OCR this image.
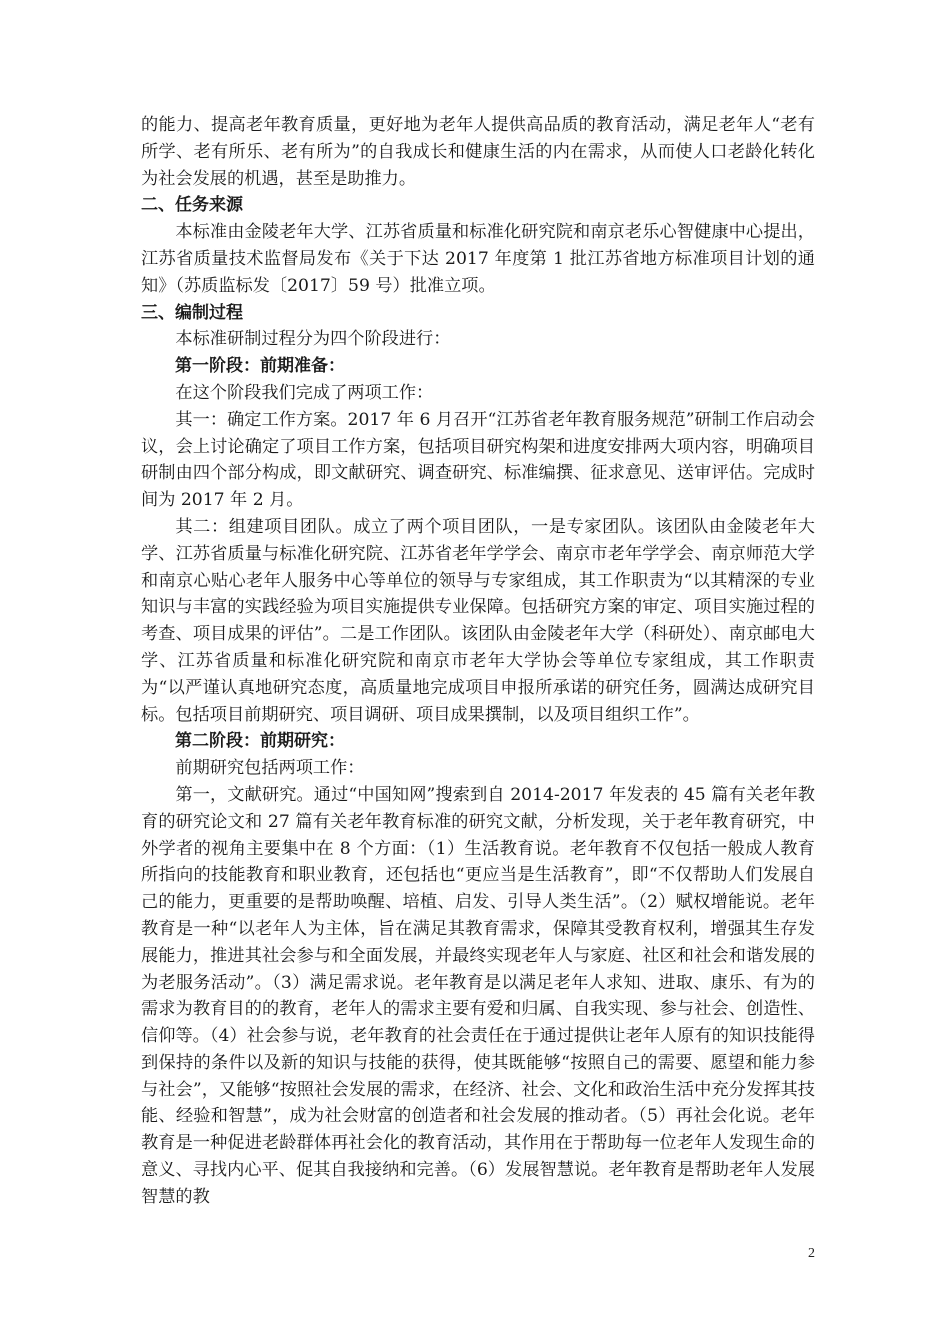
的能力、提高老年教育质量，更好地为老年人提供高品质的教育活动，满足老年人“老有所学、老有所乐、老有所为”的自我成长和健康生活的内在需求，从而使人口老龄化转化为社会发展的机遇，甚至是助推力。

二、任务来源

本标准由金陵老年大学、江苏省质量和标准化研究院和南京老乐心智健康中心提出，江苏省质量技术监督局发布《关于下达 2017 年度第 1 批江苏省地方标准项目计划的通知》（苏质监标发〔2017〕59 号）批准立项。

三、编制过程

本标准研制过程分为四个阶段进行：

第一阶段：前期准备：

在这个阶段我们完成了两项工作：

其一：确定工作方案。2017 年 6 月召开“江苏省老年教育服务规范”研制工作启动会议，会上讨论确定了项目工作方案，包括项目研究构架和进度安排两大项内容，明确项目研制由四个部分构成，即文献研究、调查研究、标准编撰、征求意见、送审评估。完成时间为 2017 年 2 月。

其二：组建项目团队。成立了两个项目团队，一是专家团队。该团队由金陵老年大学、江苏省质量与标准化研究院、江苏省老年学学会、南京市老年学学会、南京师范大学和南京心贴心老年人服务中心等单位的领导与专家组成，其工作职责为“以其精深的专业知识与丰富的实践经验为项目实施提供专业保障。包括研究方案的审定、项目实施过程的考查、项目成果的评估”。二是工作团队。该团队由金陵老年大学（科研处）、南京邮电大学、江苏省质量和标准化研究院和南京市老年大学协会等单位专家组成，其工作职责为“以严谨认真地研究态度，高质量地完成项目申报所承诺的研究任务，圆满达成研究目标。包括项目前期研究、项目调研、项目成果撰制，以及项目组织工作”。

第二阶段：前期研究：

前期研究包括两项工作：

第一，文献研究。通过“中国知网”搜索到自 2014-2017 年发表的 45 篇有关老年教育的研究论文和 27 篇有关老年教育标准的研究文献，分析发现，关于老年教育研究，中外学者的视角主要集中在 8 个方面：（1）生活教育说。老年教育不仅包括一般成人教育所指向的技能教育和职业教育，还包括也“更应当是生活教育”，即“不仅帮助人们发展自己的能力，更重要的是帮助唤醒、培植、启发、引导人类生活”。（2）赋权增能说。老年教育是一种“以老年人为主体，旨在满足其教育需求，保障其受教育权利，增强其生存发展能力，推进其社会参与和全面发展，并最终实现老年人与家庭、社区和社会和谐发展的为老服务活动”。（3）满足需求说。老年教育是以满足老年人求知、进取、康乐、有为的需求为教育目的的教育，老年人的需求主要有爱和归属、自我实现、参与社会、创造性、信仰等。（4）社会参与说，老年教育的社会责任在于通过提供让老年人原有的知识技能得到保持的条件以及新的知识与技能的获得，使其既能够“按照自己的需要、愿望和能力参与社会”，又能够“按照社会发展的需求，在经济、社会、文化和政治生活中充分发挥其技能、经验和智慧”，成为社会财富的创造者和社会发展的推动者。（5）再社会化说。老年教育是一种促进老龄群体再社会化的教育活动，其作用在于帮助每一位老年人发现生命的意义、寻找内心平、促其自我接纳和完善。（6）发展智慧说。老年教育是帮助老年人发展智慧的教

2
